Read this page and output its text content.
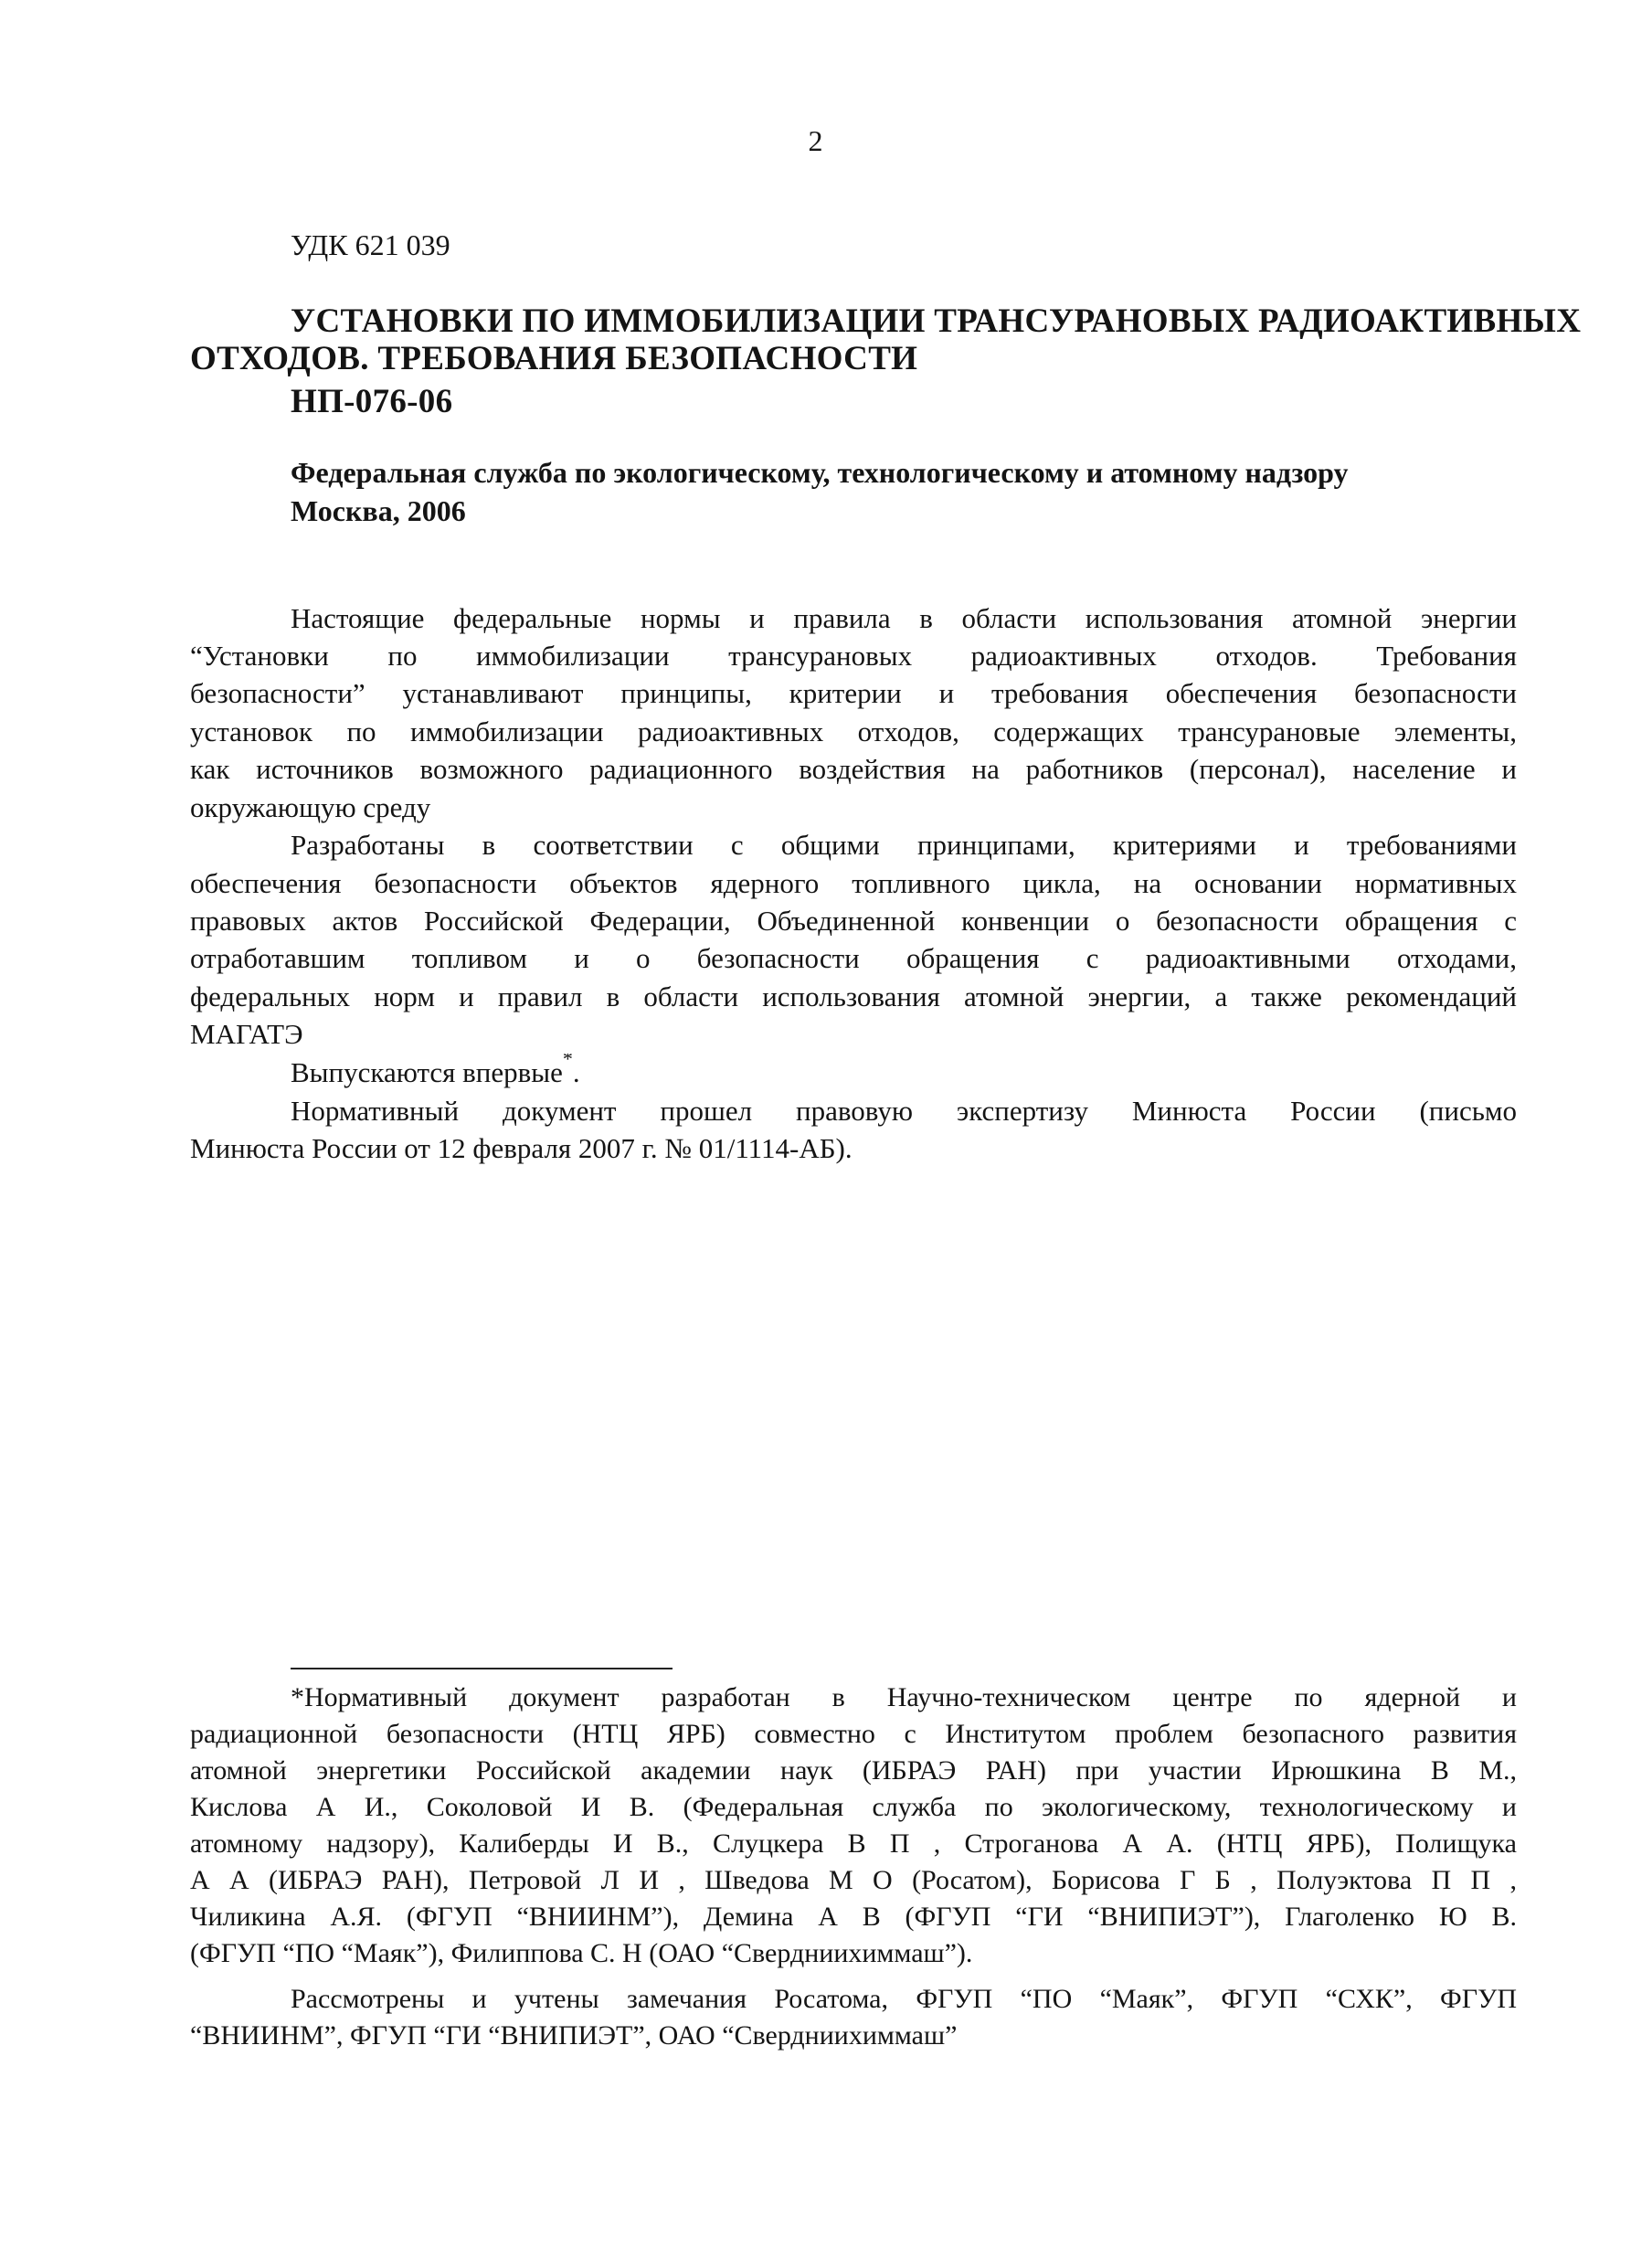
2
УДК 621 039
УСТАНОВКИ ПО ИММОБИЛИЗАЦИИ ТРАНСУРАНОВЫХ РАДИОАКТИВНЫХ
ОТХОДОВ. ТРЕБОВАНИЯ БЕЗОПАСНОСТИ
НП-076-06
Федеральная служба по экологическому, технологическому и атомному надзору
Москва, 2006
Настоящие федеральные нормы и правила в области использования атомной энергии
“Установки по иммобилизации трансурановых радиоактивных отходов. Требования
безопасности” устанавливают принципы, критерии и требования обеспечения безопасности
установок по иммобилизации радиоактивных отходов, содержащих трансурановые элементы,
как источников возможного радиационного воздействия на работников (персонал), население и
окружающую среду
Разработаны в соответствии с общими принципами, критериями и требованиями
обеспечения безопасности объектов ядерного топливного цикла, на основании нормативных
правовых актов Российской Федерации, Объединенной конвенции о безопасности обращения с
отработавшим топливом и о безопасности обращения с радиоактивными отходами,
федеральных норм и правил в области использования атомной энергии, а также рекомендаций
МАГАТЭ
Выпускаются впервые*.
Нормативный документ прошел правовую экспертизу Минюста России (письмо
Минюста России от 12 февраля 2007 г. № 01/1114-АБ).
*Нормативный документ разработан в Научно-техническом центре по ядерной и
радиационной безопасности (НТЦ ЯРБ) совместно с Институтом проблем безопасного развития
атомной энергетики Российской академии наук (ИБРАЭ РАН) при участии Ирюшкина В М.,
Кислова А И., Соколовой И В. (Федеральная служба по экологическому, технологическому и
атомному надзору), Калиберды И В., Слуцкера В П , Строганова А А. (НТЦ ЯРБ), Полищука
А А (ИБРАЭ РАН), Петровой Л И , Шведова М О (Росатом), Борисова Г Б , Полуэктова П П ,
Чиликина А.Я. (ФГУП “ВНИИНМ”), Демина А В (ФГУП “ГИ “ВНИПИЭТ”), Глаголенко Ю В.
(ФГУП “ПО “Маяк”), Филиппова С. Н (ОАО “Свердниихиммаш”).
Рассмотрены и учтены замечания Росатома, ФГУП “ПО “Маяк”, ФГУП “СХК”, ФГУП
“ВНИИНМ”, ФГУП “ГИ “ВНИПИЭТ”, ОАО “Свердниихиммаш”
